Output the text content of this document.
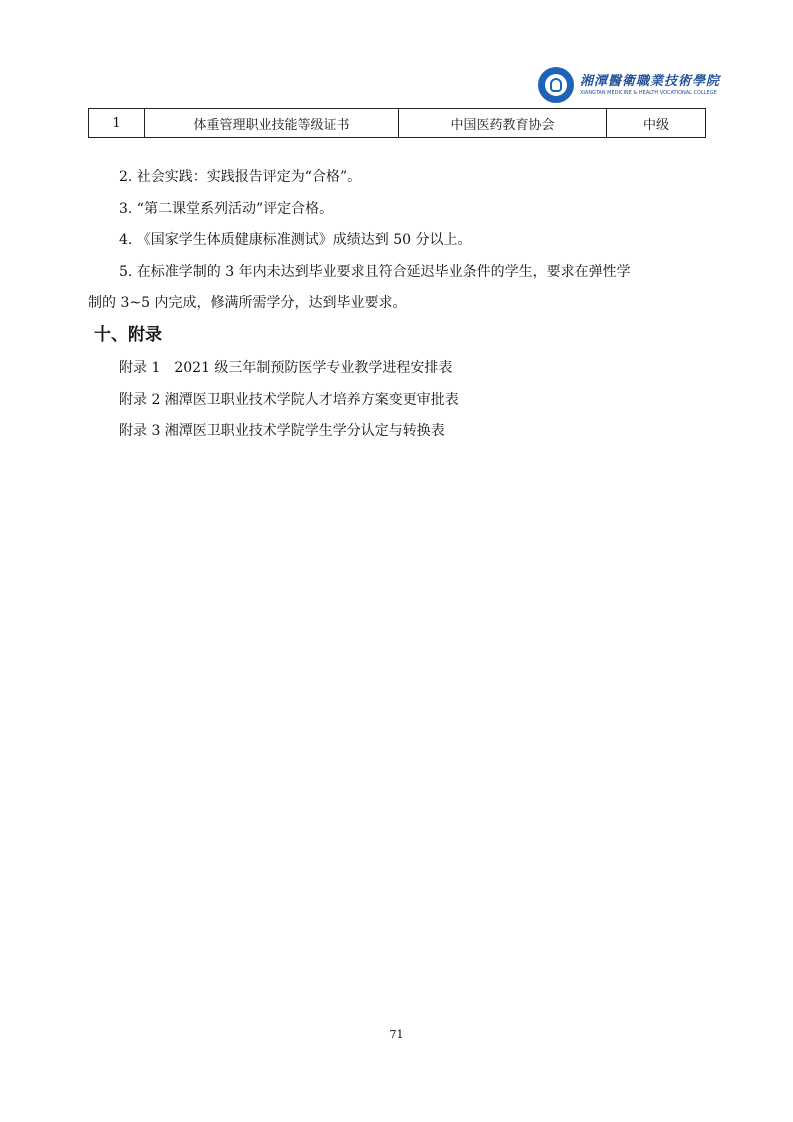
湘潭醫衛職業技術學院
XIANGTAN MEDICINE & HEALTH VOCATIONAL COLLEGE
1	体重管理职业技能等级证书	中国医药教育协会	中级
2. 社会实践：实践报告评定为“合格”。
3. “第二课堂系列活动”评定合格。
4. 《国家学生体质健康标准测试》成绩达到 50 分以上。
5. 在标准学制的 3 年内未达到毕业要求且符合延迟毕业条件的学生，要求在弹性学
制的 3~5 内完成，修满所需学分，达到毕业要求。
十、附录
附录 1　2021 级三年制预防医学专业教学进程安排表
附录 2 湘潭医卫职业技术学院人才培养方案变更审批表
附录 3 湘潭医卫职业技术学院学生学分认定与转换表
71
